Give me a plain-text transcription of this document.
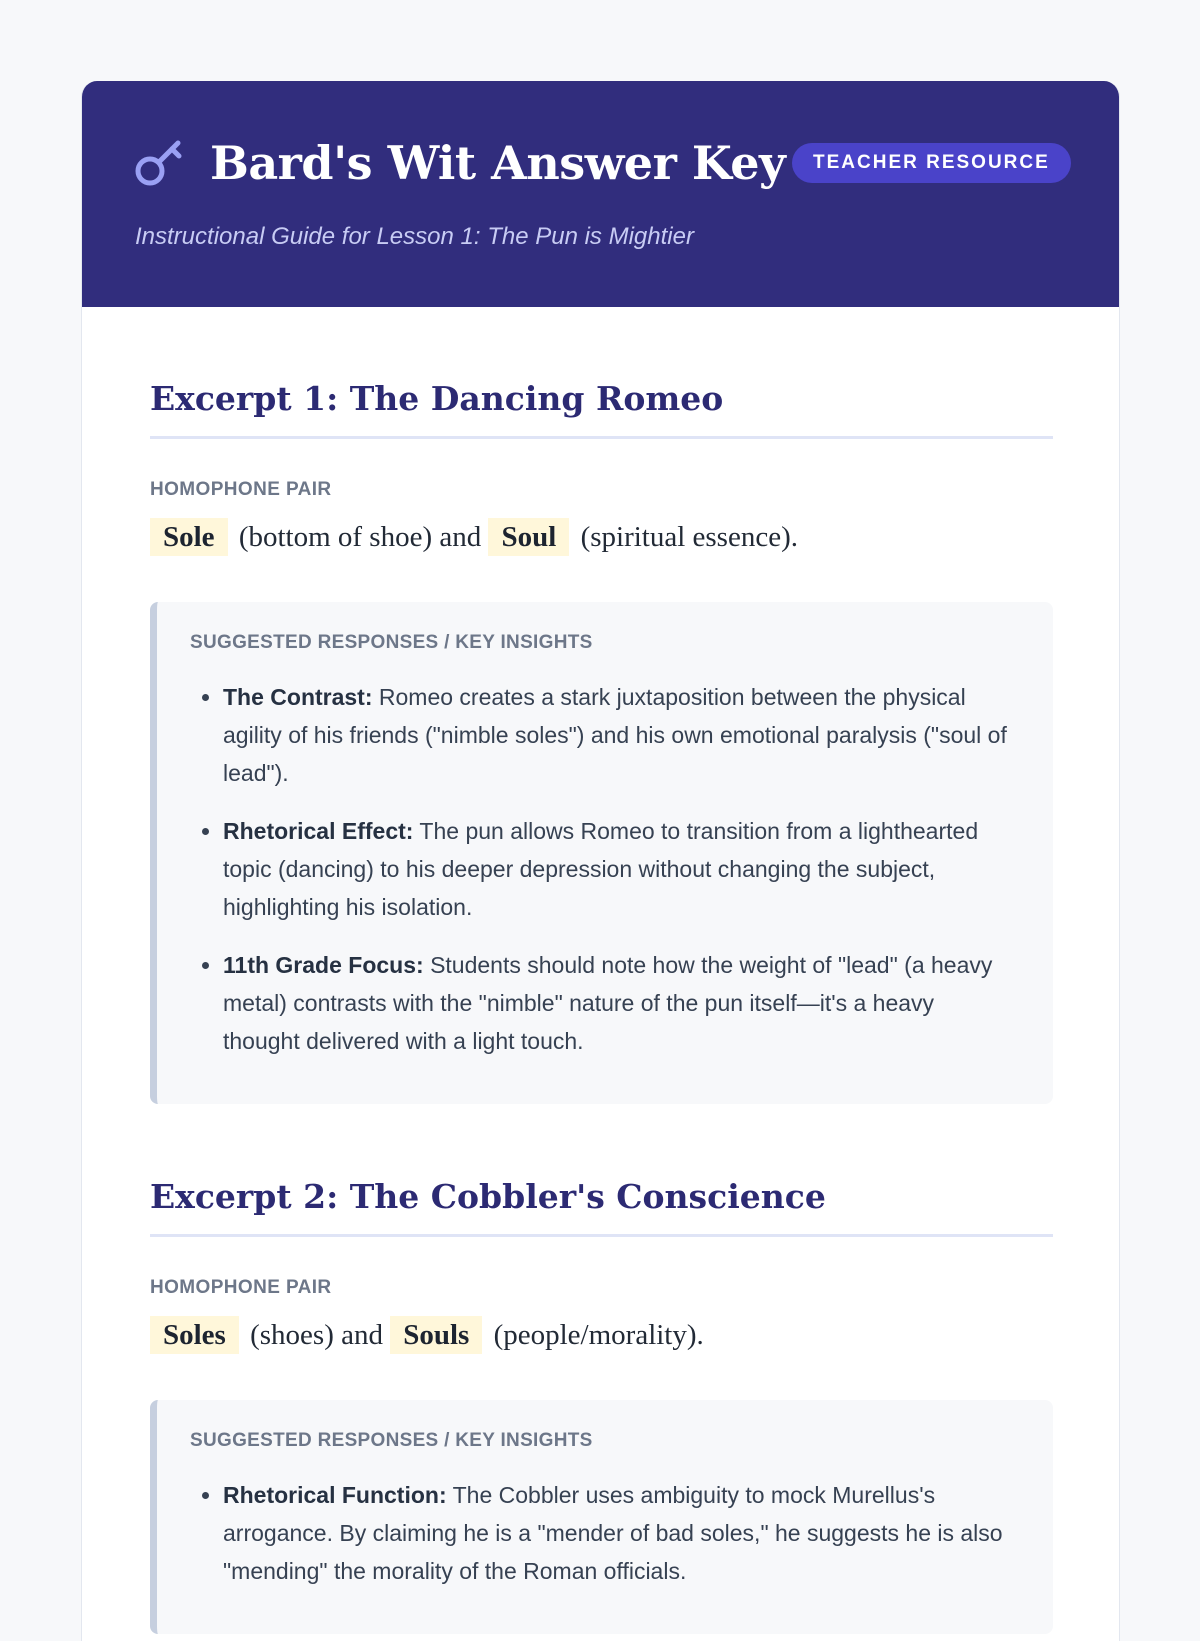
Bard's Wit Answer Key	TEACHER RESOURCE

Instructional Guide for Lesson 1: The Pun is Mightier

Excerpt 1: The Dancing Romeo
HOMOPHONE PAIR
Sole (bottom of shoe) and Soul (spiritual essence).
SUGGESTED RESPONSES / KEY INSIGHTS
• The Contrast: Romeo creates a stark juxtaposition between the physical agility of his friends ("nimble soles") and his own emotional paralysis ("soul of lead").
• Rhetorical Effect: The pun allows Romeo to transition from a lighthearted topic (dancing) to his deeper depression without changing the subject, highlighting his isolation.
• 11th Grade Focus: Students should note how the weight of "lead" (a heavy metal) contrasts with the "nimble" nature of the pun itself—it's a heavy thought delivered with a light touch.
Excerpt 2: The Cobbler's Conscience
HOMOPHONE PAIR
Soles (shoes) and Souls (people/morality).
SUGGESTED RESPONSES / KEY INSIGHTS
• Rhetorical Function: The Cobbler uses ambiguity to mock Murellus's arrogance. By claiming he is a "mender of bad soles," he suggests he is also "mending" the morality of the Roman officials.
